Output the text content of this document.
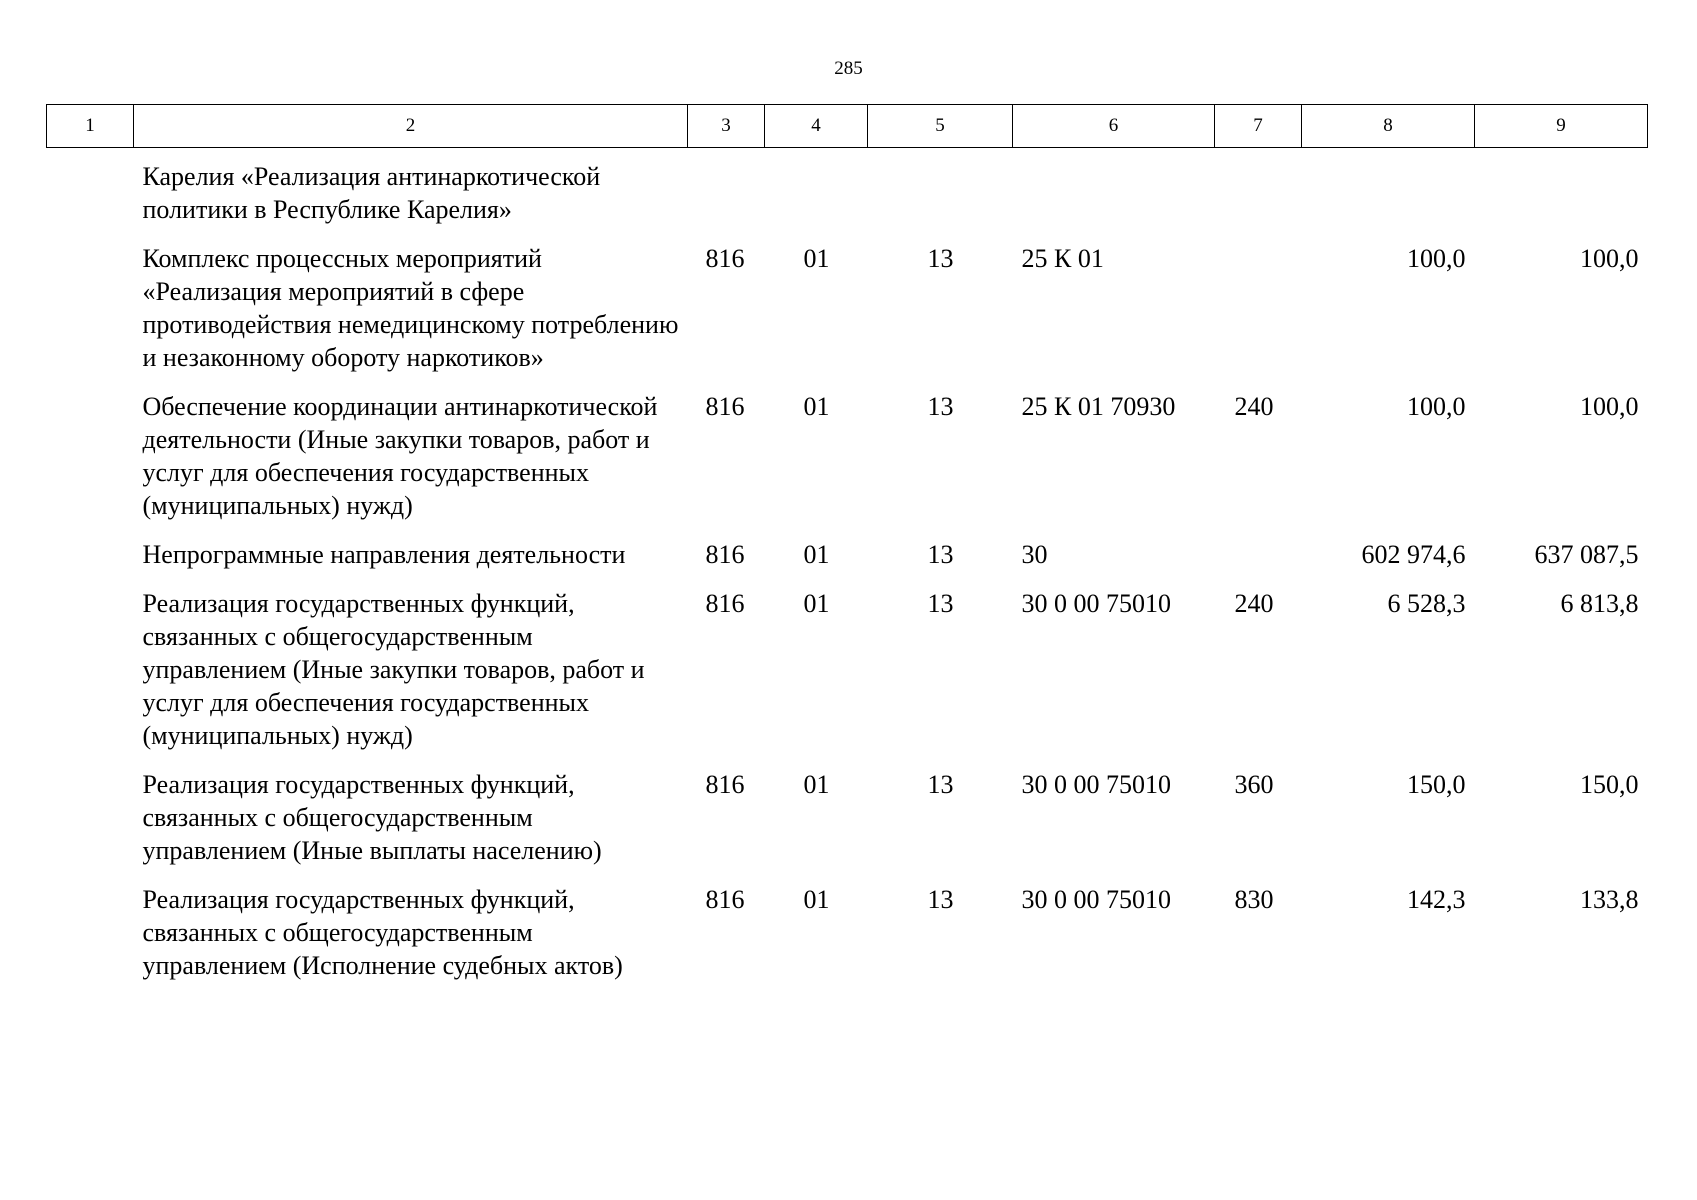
285
1	2	3	4	5	6	7	8	9
	Карелия «Реализация антинаркотической политики в Республике Карелия»							
	Комплекс процессных мероприятий «Реализация мероприятий в сфере противодействия немедицинскому потреблению и незаконному обороту наркотиков»	816	01	13	25 К 01		100,0	100,0
	Обеспечение координации антинаркотической деятельности (Иные закупки товаров, работ и услуг для обеспечения государственных (муниципальных) нужд)	816	01	13	25 К 01 70930	240	100,0	100,0
	Непрограммные направления деятельности	816	01	13	30		602 974,6	637 087,5
	Реализация государственных функций, связанных с общегосударственным управлением (Иные закупки товаров, работ и услуг для обеспечения государственных (муниципальных) нужд)	816	01	13	30 0 00 75010	240	6 528,3	6 813,8
	Реализация государственных функций, связанных с общегосударственным управлением (Иные выплаты населению)	816	01	13	30 0 00 75010	360	150,0	150,0
	Реализация государственных функций, связанных с общегосударственным управлением (Исполнение судебных актов)	816	01	13	30 0 00 75010	830	142,3	133,8
